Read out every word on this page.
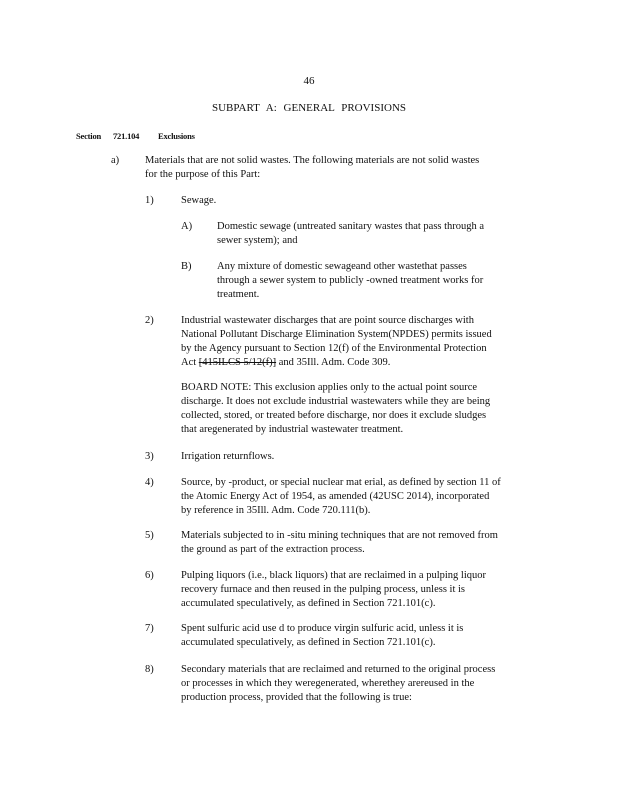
46
SUBPART A: GENERAL PROVISIONS
Section 721.104 Exclusions
a) Materials that are not solid wastes. The following materials are not solid wastes
for the purpose of this Part:
1)	Sewage.
A) Domestic sewage (untreated sanitary wastes that pass through a
sewer system); and
B) Any mixture of domestic sewageand other wastethat passes
through a sewer system to publicly -owned treatment works for
treatment.
2)	Industrial wastewater discharges that are point source discharges with
National Pollutant Discharge Elimination System(NPDES) permits issued
by the Agency pursuant to Section 12(f) of the Environmental Protection
Act [415ILCS 5/12(f)] and 35Ill. Adm. Code 309.
BOARD NOTE: This exclusion applies only to the actual point source
discharge. It does not exclude industrial wastewaters while they are being
collected, stored, or treated before discharge, nor does it exclude sludges
that aregenerated by industrial wastewater treatment.
3)	Irrigation returnflows.
4)	Source, by -product, or special nuclear mat erial, as defined by section 11 of
the Atomic Energy Act of 1954, as amended (42USC 2014), incorporated
by reference in 35Ill. Adm. Code 720.111(b).
5)	Materials subjected to in -situ mining techniques that are not removed from
the ground as part of the extraction process.
6)	Pulping liquors (i.e., black liquors) that are reclaimed in a pulping liquor
recovery furnace and then reused in the pulping process, unless it is
accumulated speculatively, as defined in Section 721.101(c).
7)	Spent sulfuric acid use d to produce virgin sulfuric acid, unless it is
accumulated speculatively, as defined in Section 721.101(c).
8)	Secondary materials that are reclaimed and returned to the original process
or processes in which they weregenerated, wherethey arereused in the
production process, provided that the following is true:
